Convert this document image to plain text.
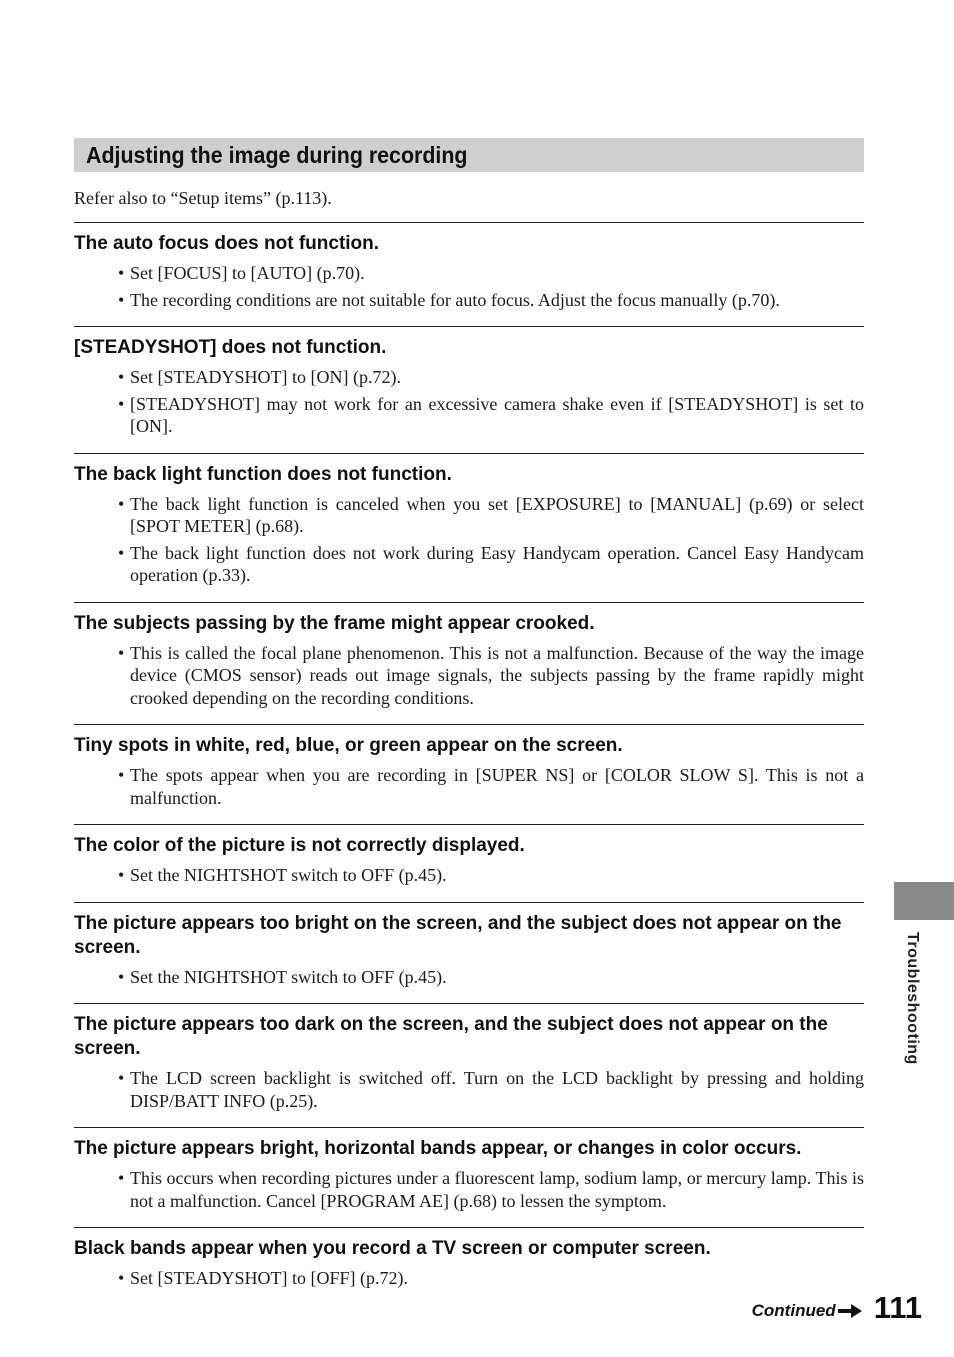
Adjusting the image during recording

Refer also to “Setup items” (p.113).

The auto focus does not function.
• Set [FOCUS] to [AUTO] (p.70).
• The recording conditions are not suitable for auto focus. Adjust the focus manually (p.70).
[STEADYSHOT] does not function.
• Set [STEADYSHOT] to [ON] (p.72).
• [STEADYSHOT] may not work for an excessive camera shake even if [STEADYSHOT] is set to [ON].
The back light function does not function.
• The back light function is canceled when you set [EXPOSURE] to [MANUAL] (p.69) or select [SPOT METER] (p.68).
• The back light function does not work during Easy Handycam operation. Cancel Easy Handycam operation (p.33).
The subjects passing by the frame might appear crooked.
• This is called the focal plane phenomenon. This is not a malfunction. Because of the way the image device (CMOS sensor) reads out image signals, the subjects passing by the frame rapidly might crooked depending on the recording conditions.
Tiny spots in white, red, blue, or green appear on the screen.
• The spots appear when you are recording in [SUPER NS] or [COLOR SLOW S]. This is not a malfunction.
The color of the picture is not correctly displayed.
• Set the NIGHTSHOT switch to OFF (p.45).
The picture appears too bright on the screen, and the subject does not appear on the screen.
• Set the NIGHTSHOT switch to OFF (p.45).
The picture appears too dark on the screen, and the subject does not appear on the screen.
• The LCD screen backlight is switched off. Turn on the LCD backlight by pressing and holding DISP/BATT INFO (p.25).
The picture appears bright, horizontal bands appear, or changes in color occurs.
• This occurs when recording pictures under a fluorescent lamp, sodium lamp, or mercury lamp. This is not a malfunction. Cancel [PROGRAM AE] (p.68) to lessen the symptom.
Black bands appear when you record a TV screen or computer screen.
• Set [STEADYSHOT] to [OFF] (p.72).
Troubleshooting
Continued 111
